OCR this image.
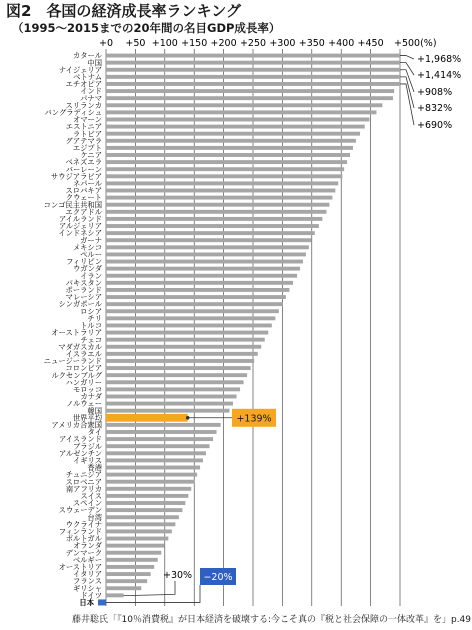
図2　各国の経済成長率ランキング
（1995〜2015までの20年間の名目GDP成長率）
+0 +50 +100 +150 +200 +250 +300 +350 +400 +450 +500(%)
カタール
中国
ナイジェリア
ベトナム
エチオピア
インド
パナマ
スリランカ
バングラディシュ
オマーン
エストニア
ラトビア
グアテマラ
エジプト
ケニア
ベネズエラ
バーレーン
サウジアラビア
ネパール
スロバキア
クウェート
コンゴ民主共和国
エクアドル
アイルランド
アルジェリア
インドネシア
ガーナ
メキシコ
ペルー
フィリピン
ウガンダ
イラン
パキスタン
ポーランド
マレーシア
シンガポール
ロシア
チリ
トルコ
オーストラリア
チェコ
マダガスカル
イスラエル
ニュージーランド
コロンビア
ルクセンブルグ
ハンガリー
モロッコ
カナダ
ノルウェー
韓国
世界平均
アメリカ合衆国
タイ
アイスランド
ブラジル
アルゼンチン
イギリス
香港
チュニジア
スロベニア
南アフリカ
スイス
スペイン
スウェーデン
台湾
ウクライナ
フィンランド
ポルトガル
オランダ
デンマーク
ベルギー
オーストリア
イタリア
フランス
ギリシャ
ドイツ
日本
+1,968%
+1,414%
+908%
+832%
+690%
+139%
+30% −20%
藤井聡氏「『10％消費税』が日本経済を破壊する:今こそ真の『税と社会保障の一体改革』を」p.49
